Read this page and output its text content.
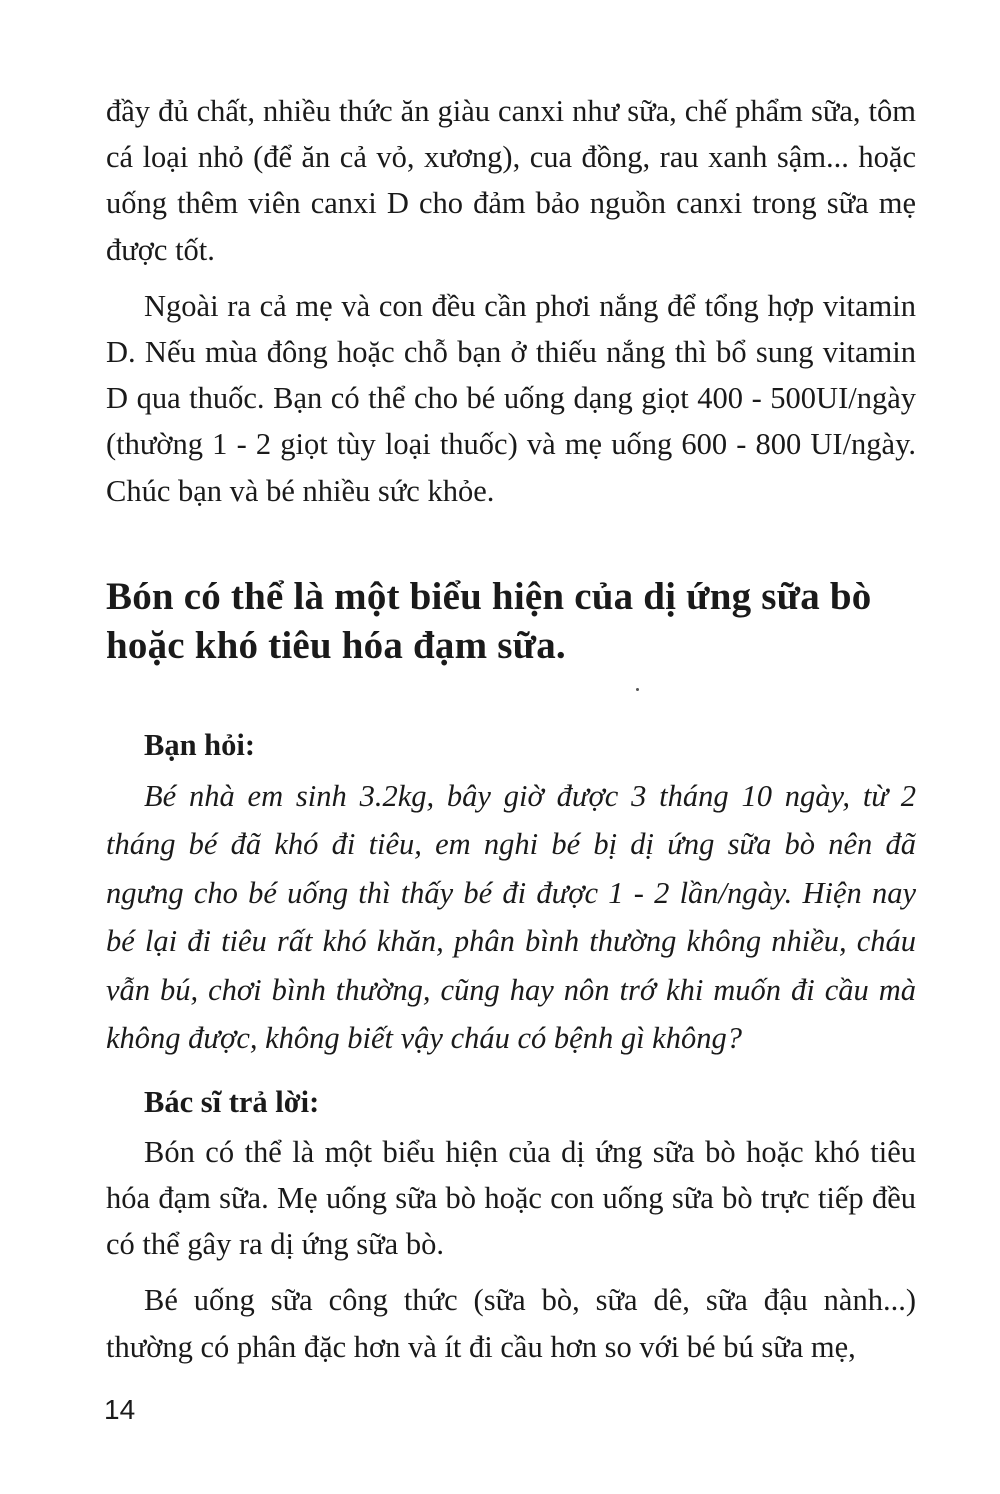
đầy đủ chất, nhiều thức ăn giàu canxi như sữa, chế phẩm sữa, tôm cá loại nhỏ (để ăn cả vỏ, xương), cua đồng, rau xanh sậm... hoặc uống thêm viên canxi D cho đảm bảo nguồn canxi trong sữa mẹ được tốt.

Ngoài ra cả mẹ và con đều cần phơi nắng để tổng hợp vitamin D. Nếu mùa đông hoặc chỗ bạn ở thiếu nắng thì bổ sung vitamin D qua thuốc. Bạn có thể cho bé uống dạng giọt 400 - 500UI/ngày (thường 1 - 2 giọt tùy loại thuốc) và mẹ uống 600 - 800 UI/ngày. Chúc bạn và bé nhiều sức khỏe.

Bón có thể là một biểu hiện của dị ứng sữa bò hoặc khó tiêu hóa đạm sữa.
Bạn hỏi:

Bé nhà em sinh 3.2kg, bây giờ được 3 tháng 10 ngày, từ 2 tháng bé đã khó đi tiêu, em nghi bé bị dị ứng sữa bò nên đã ngưng cho bé uống thì thấy bé đi được 1 - 2 lần/ngày. Hiện nay bé lại đi tiêu rất khó khăn, phân bình thường không nhiều, cháu vẫn bú, chơi bình thường, cũng hay nôn trớ khi muốn đi cầu mà không được, không biết vậy cháu có bệnh gì không?

Bác sĩ trả lời:

Bón có thể là một biểu hiện của dị ứng sữa bò hoặc khó tiêu hóa đạm sữa. Mẹ uống sữa bò hoặc con uống sữa bò trực tiếp đều có thể gây ra dị ứng sữa bò.

Bé uống sữa công thức (sữa bò, sữa dê, sữa đậu nành...) thường có phân đặc hơn và ít đi cầu hơn so với bé bú sữa mẹ,

14
